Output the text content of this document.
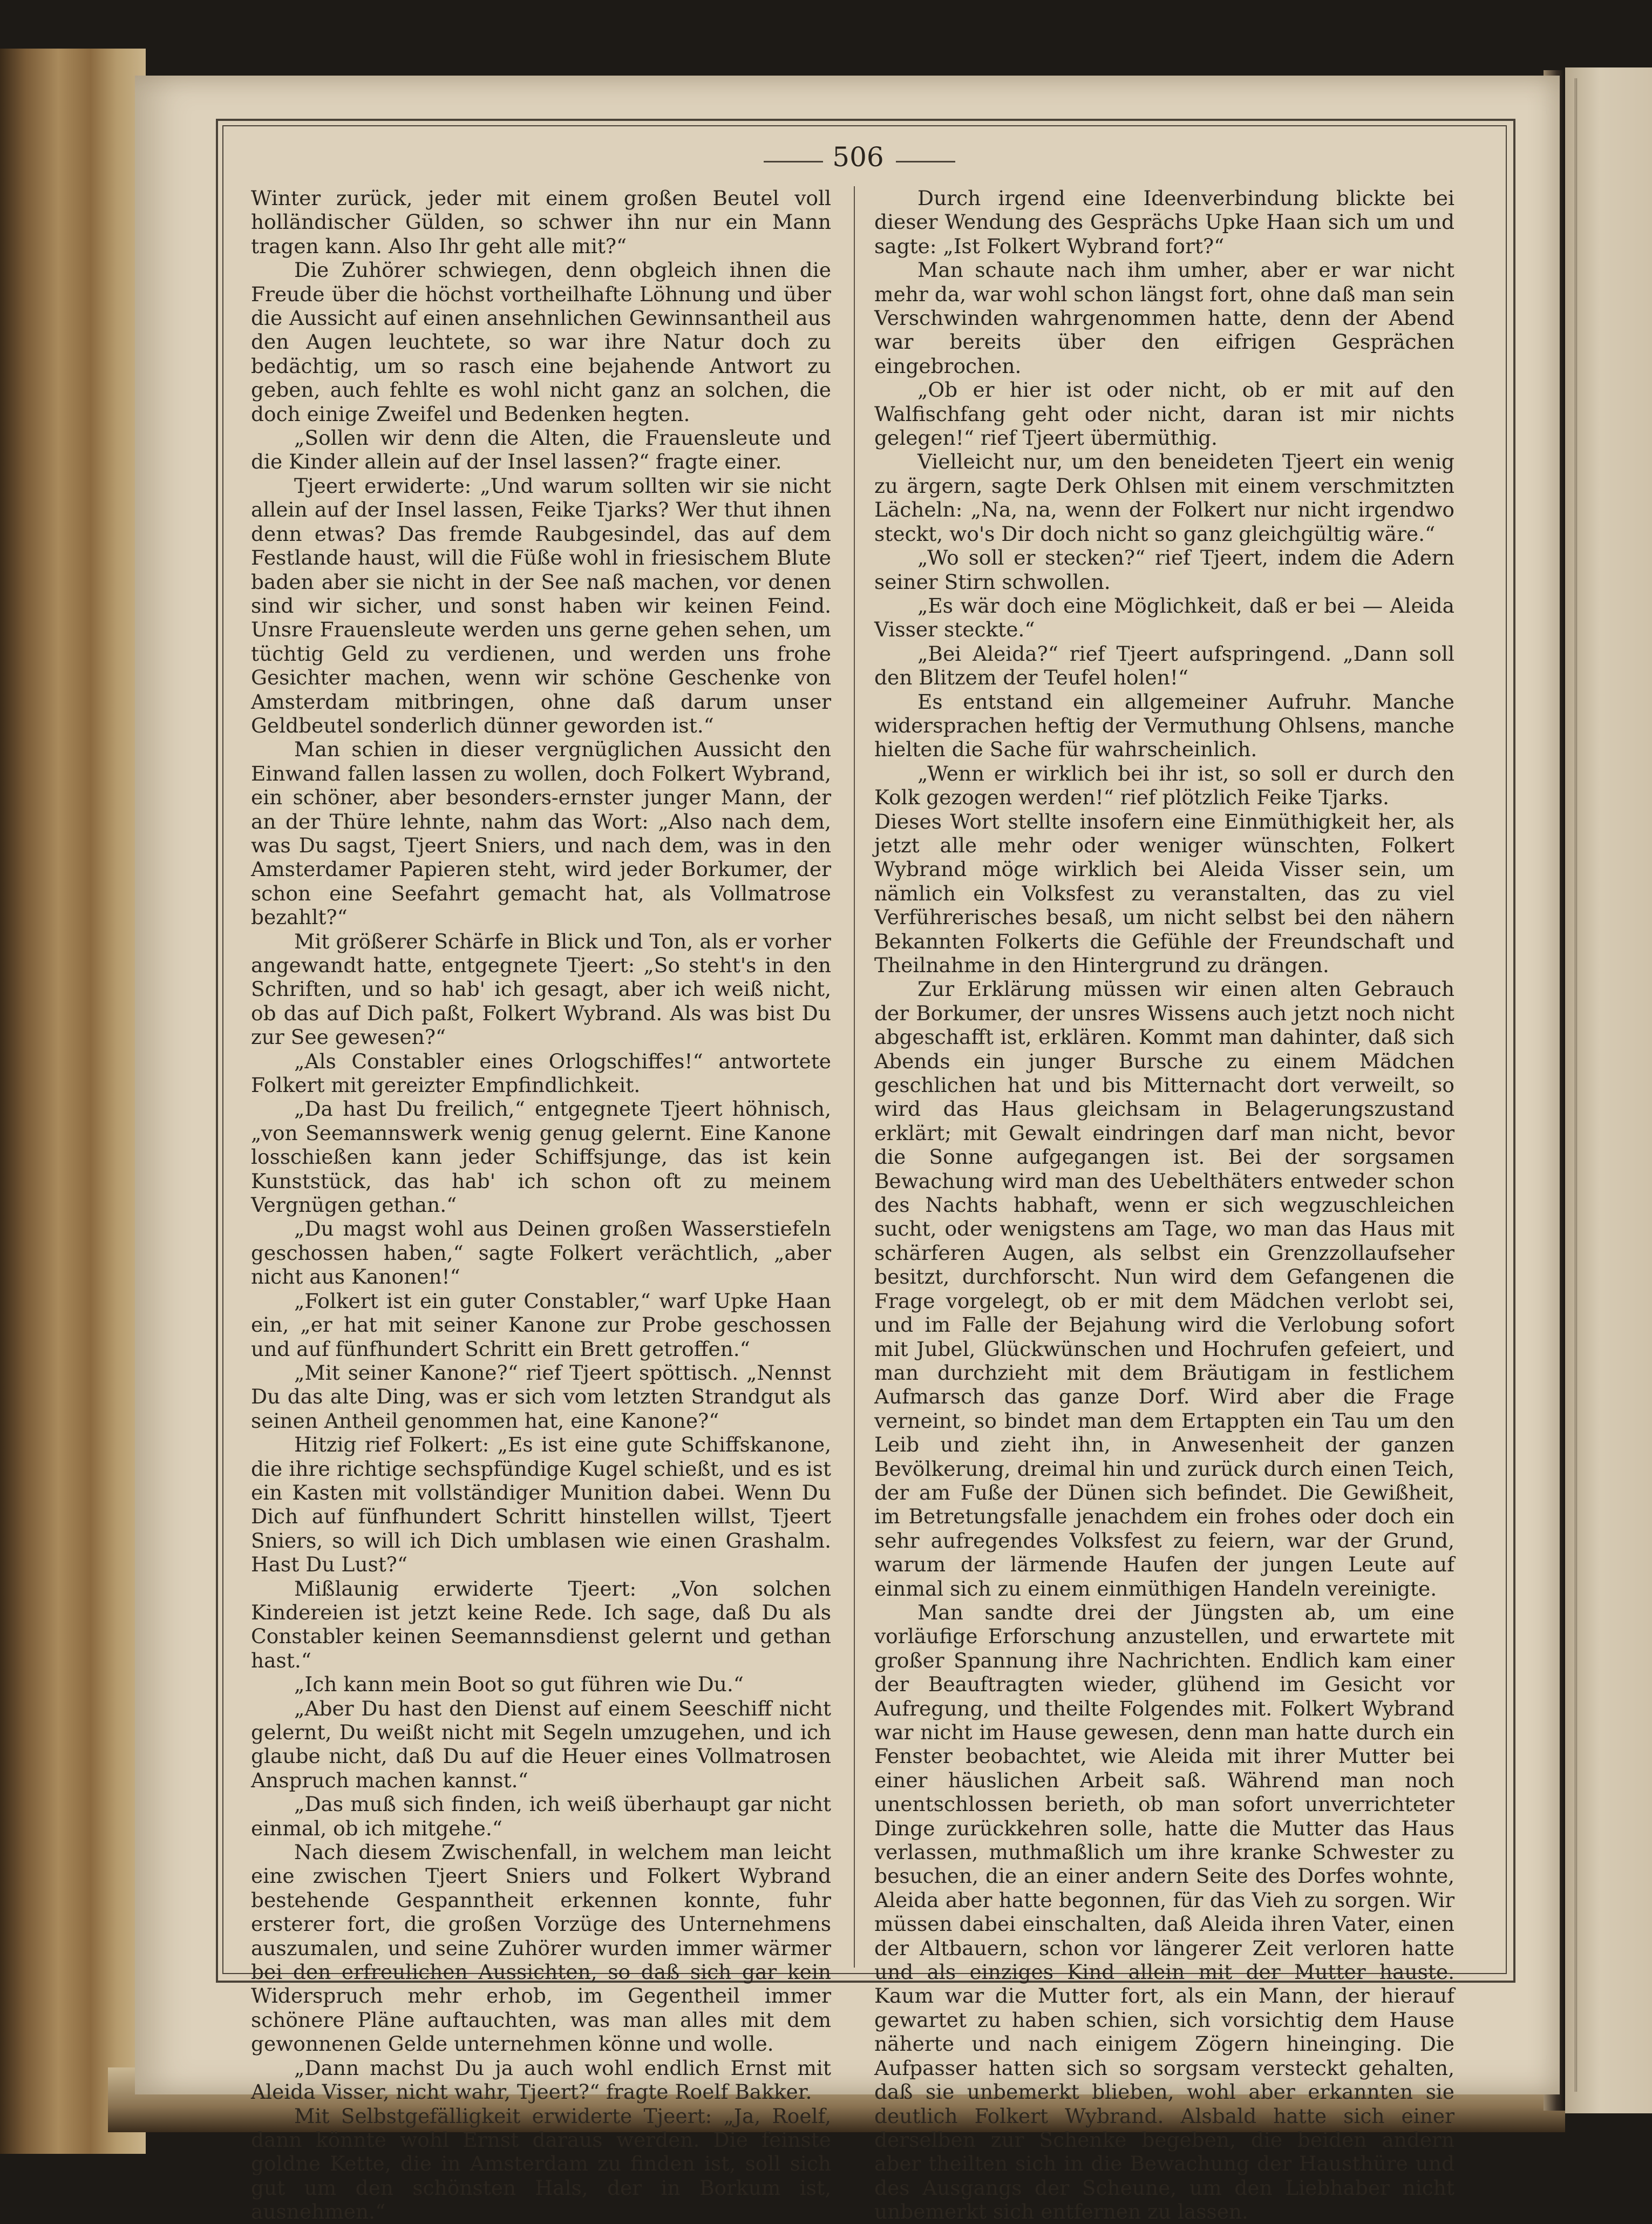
506

Winter zurück, jeder mit einem großen Beutel voll holländischer Gülden, so schwer ihn nur ein Mann tragen kann. Also Ihr geht alle mit?“

Die Zuhörer schwiegen, denn obgleich ihnen die Freude über die höchst vortheilhafte Löhnung und über die Aussicht auf einen ansehnlichen Gewinnsantheil aus den Augen leuchtete, so war ihre Natur doch zu bedächtig, um so rasch eine bejahende Antwort zu geben, auch fehlte es wohl nicht ganz an solchen, die doch einige Zweifel und Bedenken hegten.

„Sollen wir denn die Alten, die Frauensleute und die Kinder allein auf der Insel lassen?“ fragte einer.

Tjeert erwiderte: „Und warum sollten wir sie nicht allein auf der Insel lassen, Feike Tjarks? Wer thut ihnen denn etwas? Das fremde Raubgesindel, das auf dem Festlande haust, will die Füße wohl in friesischem Blute baden aber sie nicht in der See naß machen, vor denen sind wir sicher, und sonst haben wir keinen Feind. Unsre Frauensleute werden uns gerne gehen sehen, um tüchtig Geld zu verdienen, und werden uns frohe Gesichter machen, wenn wir schöne Geschenke von Amsterdam mitbringen, ohne daß darum unser Geldbeutel sonderlich dünner geworden ist.“

Man schien in dieser vergnüglichen Aussicht den Einwand fallen lassen zu wollen, doch Folkert Wybrand, ein schöner, aber besonders-ernster junger Mann, der an der Thüre lehnte, nahm das Wort: „Also nach dem, was Du sagst, Tjeert Sniers, und nach dem, was in den Amsterdamer Papieren steht, wird jeder Borkumer, der schon eine Seefahrt gemacht hat, als Vollmatrose bezahlt?“

Mit größerer Schärfe in Blick und Ton, als er vorher angewandt hatte, entgegnete Tjeert: „So steht's in den Schriften, und so hab' ich gesagt, aber ich weiß nicht, ob das auf Dich paßt, Folkert Wybrand. Als was bist Du zur See gewesen?“

„Als Constabler eines Orlogschiffes!“ antwortete Folkert mit gereizter Empfindlichkeit.

„Da hast Du freilich,“ entgegnete Tjeert höhnisch, „von Seemannswerk wenig genug gelernt. Eine Kanone losschießen kann jeder Schiffsjunge, das ist kein Kunststück, das hab' ich schon oft zu meinem Vergnügen gethan.“

„Du magst wohl aus Deinen großen Wasserstiefeln geschossen haben,“ sagte Folkert verächtlich, „aber nicht aus Kanonen!“

„Folkert ist ein guter Constabler,“ warf Upke Haan ein, „er hat mit seiner Kanone zur Probe geschossen und auf fünfhundert Schritt ein Brett getroffen.“

„Mit seiner Kanone?“ rief Tjeert spöttisch. „Nennst Du das alte Ding, was er sich vom letzten Strandgut als seinen Antheil genommen hat, eine Kanone?“

Hitzig rief Folkert: „Es ist eine gute Schiffskanone, die ihre richtige sechspfündige Kugel schießt, und es ist ein Kasten mit vollständiger Munition dabei. Wenn Du Dich auf fünfhundert Schritt hinstellen willst, Tjeert Sniers, so will ich Dich umblasen wie einen Grashalm. Hast Du Lust?“

Mißlaunig erwiderte Tjeert: „Von solchen Kindereien ist jetzt keine Rede. Ich sage, daß Du als Constabler keinen Seemannsdienst gelernt und gethan hast.“

„Ich kann mein Boot so gut führen wie Du.“

„Aber Du hast den Dienst auf einem Seeschiff nicht gelernt, Du weißt nicht mit Segeln umzugehen, und ich glaube nicht, daß Du auf die Heuer eines Vollmatrosen Anspruch machen kannst.“

„Das muß sich finden, ich weiß überhaupt gar nicht einmal, ob ich mitgehe.“

Nach diesem Zwischenfall, in welchem man leicht eine zwischen Tjeert Sniers und Folkert Wybrand bestehende Gespanntheit erkennen konnte, fuhr ersterer fort, die großen Vorzüge des Unternehmens auszumalen, und seine Zuhörer wurden immer wärmer bei den erfreulichen Aussichten, so daß sich gar kein Widerspruch mehr erhob, im Gegentheil immer schönere Pläne auftauchten, was man alles mit dem gewonnenen Gelde unternehmen könne und wolle.

„Dann machst Du ja auch wohl endlich Ernst mit Aleida Visser, nicht wahr, Tjeert?“ fragte Roelf Bakker.

Mit Selbstgefälligkeit erwiderte Tjeert: „Ja, Roelf, dann könnte wohl Ernst daraus werden. Die feinste goldne Kette, die in Amsterdam zu finden ist, soll sich gut um den schönsten Hals, der in Borkum ist, ausnehmen.“

Durch irgend eine Ideenverbindung blickte bei dieser Wendung des Gesprächs Upke Haan sich um und sagte: „Ist Folkert Wybrand fort?“

Man schaute nach ihm umher, aber er war nicht mehr da, war wohl schon längst fort, ohne daß man sein Verschwinden wahrgenommen hatte, denn der Abend war bereits über den eifrigen Gesprächen eingebrochen.

„Ob er hier ist oder nicht, ob er mit auf den Walfischfang geht oder nicht, daran ist mir nichts gelegen!“ rief Tjeert übermüthig.

Vielleicht nur, um den beneideten Tjeert ein wenig zu ärgern, sagte Derk Ohlsen mit einem verschmitzten Lächeln: „Na, na, wenn der Folkert nur nicht irgendwo steckt, wo's Dir doch nicht so ganz gleichgültig wäre.“

„Wo soll er stecken?“ rief Tjeert, indem die Adern seiner Stirn schwollen.

„Es wär doch eine Möglichkeit, daß er bei — Aleida Visser steckte.“

„Bei Aleida?“ rief Tjeert aufspringend. „Dann soll den Blitzem der Teufel holen!“

Es entstand ein allgemeiner Aufruhr. Manche widersprachen heftig der Vermuthung Ohlsens, manche hielten die Sache für wahrscheinlich.

„Wenn er wirklich bei ihr ist, so soll er durch den Kolk gezogen werden!“ rief plötzlich Feike Tjarks.

Dieses Wort stellte insofern eine Einmüthigkeit her, als jetzt alle mehr oder weniger wünschten, Folkert Wybrand möge wirklich bei Aleida Visser sein, um nämlich ein Volksfest zu veranstalten, das zu viel Verführerisches besaß, um nicht selbst bei den nähern Bekannten Folkerts die Gefühle der Freundschaft und Theilnahme in den Hintergrund zu drängen.

Zur Erklärung müssen wir einen alten Gebrauch der Borkumer, der unsres Wissens auch jetzt noch nicht abgeschafft ist, erklären. Kommt man dahinter, daß sich Abends ein junger Bursche zu einem Mädchen geschlichen hat und bis Mitternacht dort verweilt, so wird das Haus gleichsam in Belagerungszustand erklärt; mit Gewalt eindringen darf man nicht, bevor die Sonne aufgegangen ist. Bei der sorgsamen Bewachung wird man des Uebelthäters entweder schon des Nachts habhaft, wenn er sich wegzuschleichen sucht, oder wenigstens am Tage, wo man das Haus mit schärferen Augen, als selbst ein Grenzzollaufseher besitzt, durchforscht. Nun wird dem Gefangenen die Frage vorgelegt, ob er mit dem Mädchen verlobt sei, und im Falle der Bejahung wird die Verlobung sofort mit Jubel, Glückwünschen und Hochrufen gefeiert, und man durchzieht mit dem Bräutigam in festlichem Aufmarsch das ganze Dorf. Wird aber die Frage verneint, so bindet man dem Ertappten ein Tau um den Leib und zieht ihn, in Anwesenheit der ganzen Bevölkerung, dreimal hin und zurück durch einen Teich, der am Fuße der Dünen sich befindet. Die Gewißheit, im Betretungsfalle jenachdem ein frohes oder doch ein sehr aufregendes Volksfest zu feiern, war der Grund, warum der lärmende Haufen der jungen Leute auf einmal sich zu einem einmüthigen Handeln vereinigte.

Man sandte drei der Jüngsten ab, um eine vorläufige Erforschung anzustellen, und erwartete mit großer Spannung ihre Nachrichten. Endlich kam einer der Beauftragten wieder, glühend im Gesicht vor Aufregung, und theilte Folgendes mit. Folkert Wybrand war nicht im Hause gewesen, denn man hatte durch ein Fenster beobachtet, wie Aleida mit ihrer Mutter bei einer häuslichen Arbeit saß. Während man noch unentschlossen berieth, ob man sofort unverrichteter Dinge zurückkehren solle, hatte die Mutter das Haus verlassen, muthmaßlich um ihre kranke Schwester zu besuchen, die an einer andern Seite des Dorfes wohnte, Aleida aber hatte begonnen, für das Vieh zu sorgen. Wir müssen dabei einschalten, daß Aleida ihren Vater, einen der Altbauern, schon vor längerer Zeit verloren hatte und als einziges Kind allein mit der Mutter hauste. Kaum war die Mutter fort, als ein Mann, der hierauf gewartet zu haben schien, sich vorsichtig dem Hause näherte und nach einigem Zögern hineinging. Die Aufpasser hatten sich so sorgsam versteckt gehalten, daß sie unbemerkt blieben, wohl aber erkannten sie deutlich Folkert Wybrand. Alsbald hatte sich einer derselben zur Schenke begeben, die beiden andern aber theilten sich in die Bewachung der Hausthüre und des Ausgangs der Scheune, um den Liebhaber nicht unbemerkt sich entfernen zu lassen.
